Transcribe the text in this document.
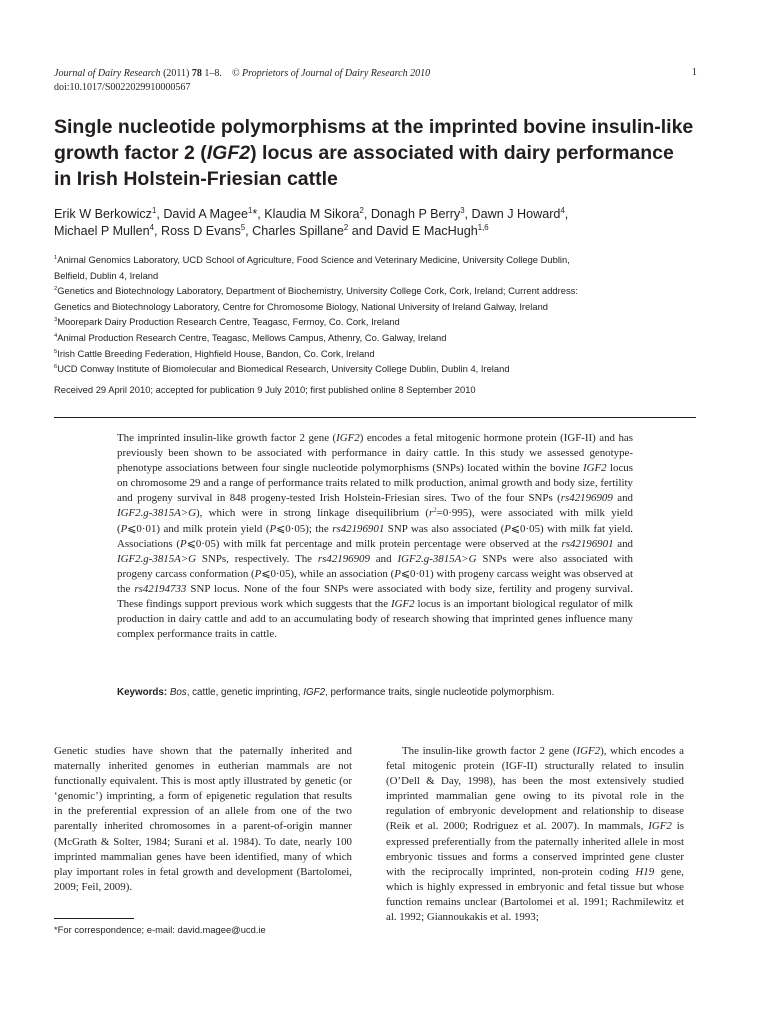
Journal of Dairy Research (2011) 78 1–8. © Proprietors of Journal of Dairy Research 2010
doi:10.1017/S0022029910000567
1
Single nucleotide polymorphisms at the imprinted bovine insulin-like growth factor 2 (IGF2) locus are associated with dairy performance in Irish Holstein-Friesian cattle
Erik W Berkowicz$^1$, David A Magee$^1$*, Klaudia M Sikora$^2$, Donagh P Berry$^3$, Dawn J Howard$^4$,
Michael P Mullen$^4$, Ross D Evans$^5$, Charles Spillane$^2$ and David E MacHugh$^{1,6}$
$^1$Animal Genomics Laboratory, UCD School of Agriculture, Food Science and Veterinary Medicine, University College Dublin,
Belfield, Dublin 4, Ireland
$^2$Genetics and Biotechnology Laboratory, Department of Biochemistry, University College Cork, Cork, Ireland; Current address:
Genetics and Biotechnology Laboratory, Centre for Chromosome Biology, National University of Ireland Galway, Ireland
$^3$Moorepark Dairy Production Research Centre, Teagasc, Fermoy, Co. Cork, Ireland
$^4$Animal Production Research Centre, Teagasc, Mellows Campus, Athenry, Co. Galway, Ireland
$^5$Irish Cattle Breeding Federation, Highfield House, Bandon, Co. Cork, Ireland
$^6$UCD Conway Institute of Biomolecular and Biomedical Research, University College Dublin, Dublin 4, Ireland
Received 29 April 2010; accepted for publication 9 July 2010; first published online 8 September 2010

The imprinted insulin-like growth factor 2 gene (IGF2) encodes a fetal mitogenic hormone protein (IGF-II) and has previously been shown to be associated with performance in dairy cattle. In this study we assessed genotype-phenotype associations between four single nucleotide polymorphisms (SNPs) located within the bovine IGF2 locus on chromosome 29 and a range of performance traits related to milk production, animal growth and body size, fertility and progeny survival in 848 progeny-tested Irish Holstein-Friesian sires. Two of the four SNPs (rs42196909 and IGF2.g-3815A>G), which were in strong linkage disequilibrium $(r^2=0\cdot 995)$, were associated with milk yield (P⩽0·01) and milk protein yield (P⩽0·05); the rs42196901 SNP was also associated (P⩽0·05) with milk fat yield. Associations (P⩽0·05) with milk fat percentage and milk protein percentage were observed at the rs42196901 and IGF2.g-3815A>G SNPs, respectively. The rs42196909 and IGF2.g-3815A>G SNPs were also associated with progeny carcass conformation (P⩽0·05), while an association (P⩽0·01) with progeny carcass weight was observed at the rs42194733 SNP locus. None of the four SNPs were associated with body size, fertility and progeny survival. These findings support previous work which suggests that the IGF2 locus is an important biological regulator of milk production in dairy cattle and add to an accumulating body of research showing that imprinted genes influence many complex performance traits in cattle.

Keywords: Bos, cattle, genetic imprinting, IGF2, performance traits, single nucleotide polymorphism.

Genetic studies have shown that the paternally inherited and maternally inherited genomes in eutherian mammals are not functionally equivalent. This is most aptly illustrated by genetic (or ‘genomic’) imprinting, a form of epigenetic regulation that results in the preferential expression of an allele from one of the two parentally inherited chromosomes in a parent-of-origin manner (McGrath & Solter, 1984; Surani et al. 1984). To date, nearly 100 imprinted mammalian genes have been identified, many of which play important roles in fetal growth and development (Bartolomei, 2009; Feil, 2009).

The insulin-like growth factor 2 gene (IGF2), which encodes a fetal mitogenic protein (IGF-II) structurally related to insulin (O’Dell & Day, 1998), has been the most extensively studied imprinted mammalian gene owing to its pivotal role in the regulation of embryonic development and relationship to disease (Reik et al. 2000; Rodriguez et al. 2007). In mammals, IGF2 is expressed preferentially from the paternally inherited allele in most embryonic tissues and forms a conserved imprinted gene cluster with the reciprocally imprinted, non-protein coding H19 gene, which is highly expressed in embryonic and fetal tissue but whose function remains unclear (Bartolomei et al. 1991; Rachmilewitz et al. 1992; Giannoukakis et al. 1993;

*For correspondence; e-mail: david.magee@ucd.ie
